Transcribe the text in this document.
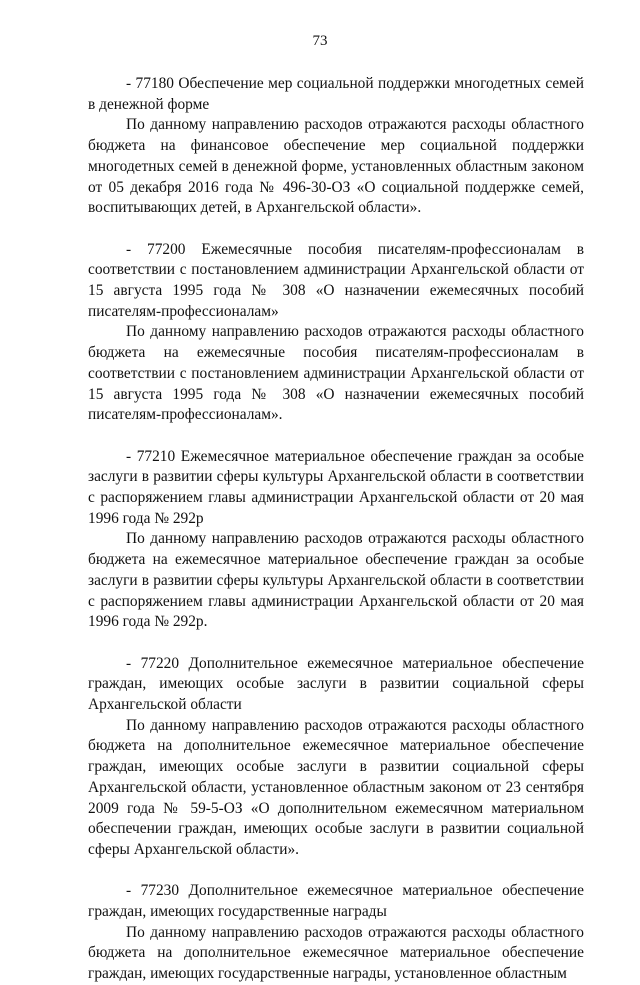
73

- 77180 Обеспечение мер социальной поддержки многодетных семей в денежной форме

По данному направлению расходов отражаются расходы областного бюджета на финансовое обеспечение мер социальной поддержки многодетных семей в денежной форме, установленных областным законом от 05 декабря 2016 года № 496-30-ОЗ «О социальной поддержке семей, воспитывающих детей, в Архангельской области».

- 77200 Ежемесячные пособия писателям-профессионалам в соответствии с постановлением администрации Архангельской области от 15 августа 1995 года № 308 «О назначении ежемесячных пособий писателям-профессионалам»

По данному направлению расходов отражаются расходы областного бюджета на ежемесячные пособия писателям-профессионалам в соответствии с постановлением администрации Архангельской области от 15 августа 1995 года № 308 «О назначении ежемесячных пособий писателям-профессионалам».

- 77210 Ежемесячное материальное обеспечение граждан за особые заслуги в развитии сферы культуры Архангельской области в соответствии с распоряжением главы администрации Архангельской области от 20 мая 1996 года № 292р

По данному направлению расходов отражаются расходы областного бюджета на ежемесячное материальное обеспечение граждан за особые заслуги в развитии сферы культуры Архангельской области в соответствии с распоряжением главы администрации Архангельской области от 20 мая 1996 года № 292р.

- 77220 Дополнительное ежемесячное материальное обеспечение граждан, имеющих особые заслуги в развитии социальной сферы Архангельской области

По данному направлению расходов отражаются расходы областного бюджета на дополнительное ежемесячное материальное обеспечение граждан, имеющих особые заслуги в развитии социальной сферы Архангельской области, установленное областным законом от 23 сентября 2009 года № 59-5-ОЗ «О дополнительном ежемесячном материальном обеспечении граждан, имеющих особые заслуги в развитии социальной сферы Архангельской области».

- 77230 Дополнительное ежемесячное материальное обеспечение граждан, имеющих государственные награды

По данному направлению расходов отражаются расходы областного бюджета на дополнительное ежемесячное материальное обеспечение граждан, имеющих государственные награды, установленное областным
